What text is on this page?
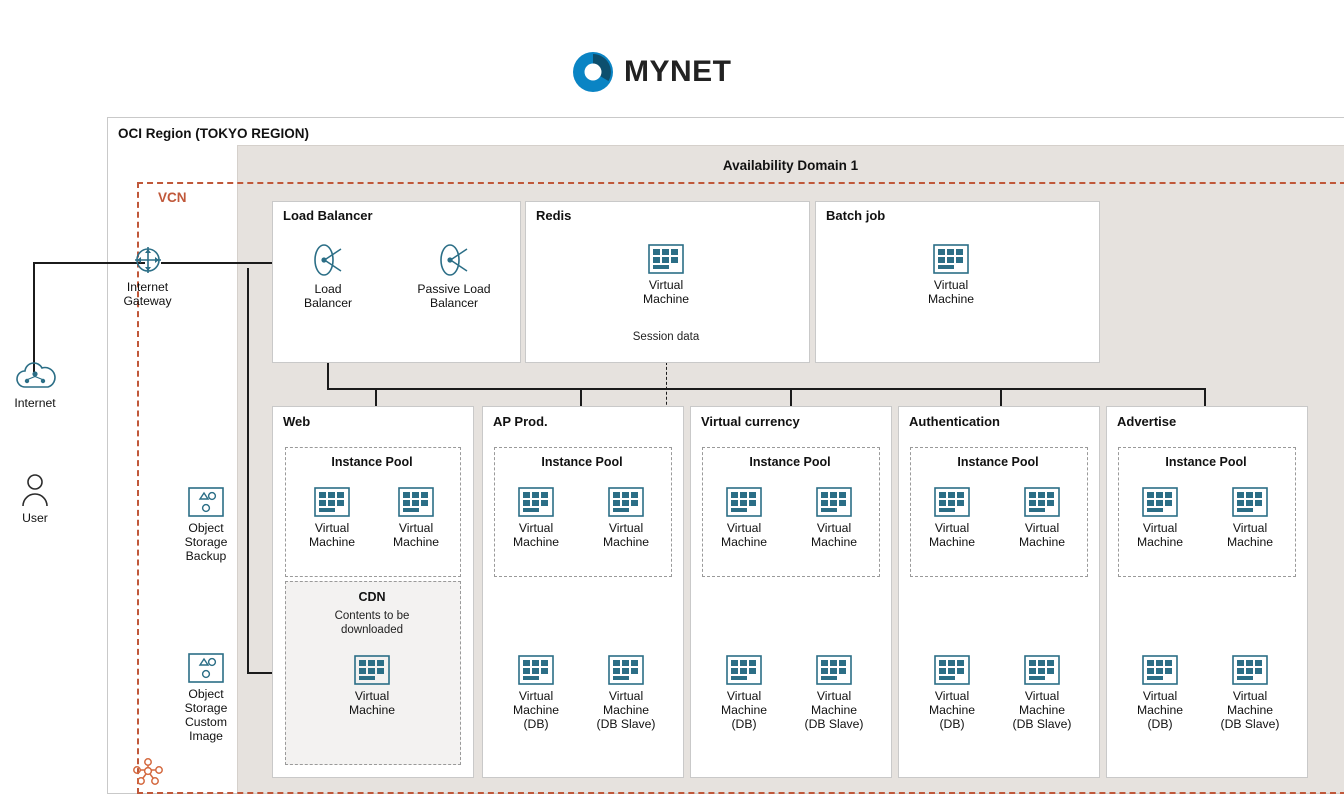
MYNET
OCI Region (TOKYO REGION)
Availability Domain 1
VCN
Internet
User
Internet
Gateway
Object
Storage
Backup
Object
Storage
Custom
Image
Load Balancer
Load
Balancer
Passive Load
Balancer
Redis
Virtual
Machine
Session data
Batch job
Virtual
Machine
Web
Instance Pool
Virtual
Machine
Virtual
Machine
CDN
Contents to be
downloaded
Virtual
Machine
AP Prod.
Instance Pool
Virtual
Machine
Virtual
Machine
Virtual
Machine
(DB)
Virtual
Machine
(DB Slave)
Virtual currency
Instance Pool
Virtual
Machine
Virtual
Machine
Virtual
Machine
(DB)
Virtual
Machine
(DB Slave)
Authentication
Instance Pool
Virtual
Machine
Virtual
Machine
Virtual
Machine
(DB)
Virtual
Machine
(DB Slave)
Advertise
Instance Pool
Virtual
Machine
Virtual
Machine
Virtual
Machine
(DB)
Virtual
Machine
(DB Slave)
